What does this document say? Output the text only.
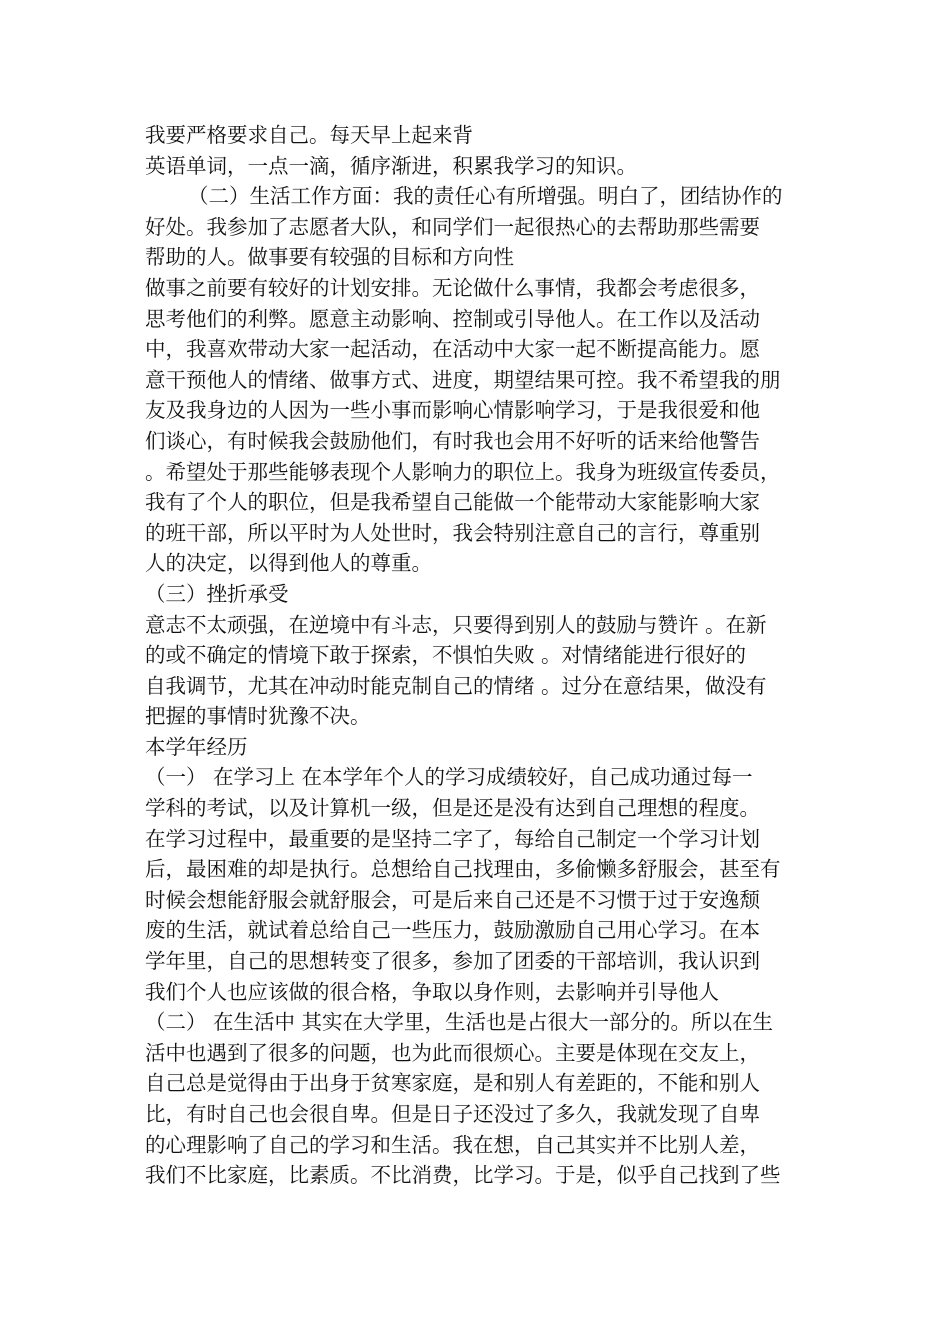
我要严格要求自己。每天早上起来背
英语单词，一点一滴，循序渐进，积累我学习的知识。
（二）生活工作方面：我的责任心有所增强。明白了，团结协作的
好处。我参加了志愿者大队，和同学们一起很热心的去帮助那些需要
帮助的人。做事要有较强的目标和方向性
做事之前要有较好的计划安排。无论做什么事情，我都会考虑很多，
思考他们的利弊。愿意主动影响、控制或引导他人。在工作以及活动
中，我喜欢带动大家一起活动，在活动中大家一起不断提高能力。愿
意干预他人的情绪、做事方式、进度，期望结果可控。我不希望我的朋
友及我身边的人因为一些小事而影响心情影响学习，于是我很爱和他
们谈心，有时候我会鼓励他们，有时我也会用不好听的话来给他警告
。希望处于那些能够表现个人影响力的职位上。我身为班级宣传委员，
我有了个人的职位，但是我希望自己能做一个能带动大家能影响大家
的班干部，所以平时为人处世时，我会特别注意自己的言行，尊重别
人的决定，以得到他人的尊重。
（三）挫折承受
意志不太顽强，在逆境中有斗志，只要得到别人的鼓励与赞许 。在新
的或不确定的情境下敢于探索，不惧怕失败 。对情绪能进行很好的
自我调节，尤其在冲动时能克制自己的情绪 。过分在意结果，做没有
把握的事情时犹豫不决。
本学年经历
（一） 在学习上 在本学年个人的学习成绩较好，自己成功通过每一
学科的考试，以及计算机一级，但是还是没有达到自己理想的程度。
在学习过程中，最重要的是坚持二字了，每给自己制定一个学习计划
后，最困难的却是执行。总想给自己找理由，多偷懒多舒服会，甚至有
时候会想能舒服会就舒服会，可是后来自己还是不习惯于过于安逸颓
废的生活，就试着总给自己一些压力，鼓励激励自己用心学习。在本
学年里，自己的思想转变了很多，参加了团委的干部培训，我认识到
我们个人也应该做的很合格，争取以身作则，去影响并引导他人
（二） 在生活中 其实在大学里，生活也是占很大一部分的。所以在生
活中也遇到了很多的问题，也为此而很烦心。主要是体现在交友上，
自己总是觉得由于出身于贫寒家庭，是和别人有差距的，不能和别人
比，有时自己也会很自卑。但是日子还没过了多久，我就发现了自卑
的心理影响了自己的学习和生活。我在想，自己其实并不比别人差，
我们不比家庭，比素质。不比消费，比学习。于是，似乎自己找到了些
